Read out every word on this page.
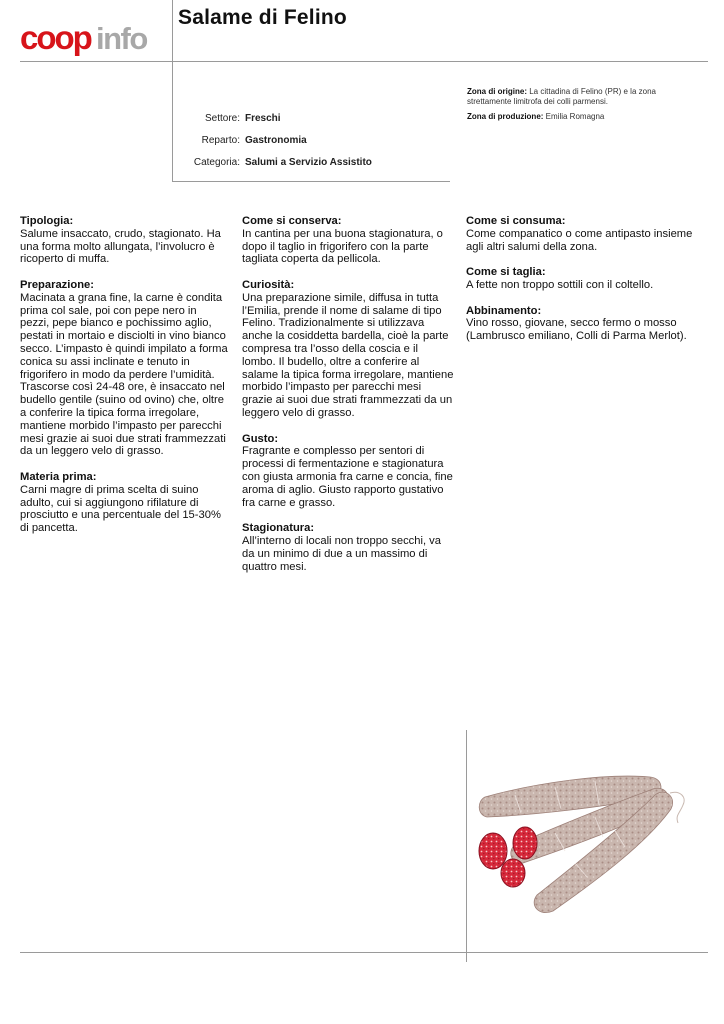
coop info
Salame di Felino
Settore: Freschi
Reparto: Gastronomia
Categoria: Salumi a Servizio Assistito
Zona di origine: La cittadina di Felino (PR) e la zona strettamente limitrofa dei colli parmensi.
Zona di produzione: Emilia Romagna
Tipologia:

Salume insaccato, crudo, stagionato. Ha una forma molto allungata, l’involucro è ricoperto di muffa.

Preparazione:

Macinata a grana fine, la carne è condita prima col sale, poi con pepe nero in pezzi, pepe bianco e pochissimo aglio, pestati in mortaio e disciolti in vino bianco secco. L’impasto è quindi impilato a forma conica su assi inclinate e tenuto in frigorifero in modo da perdere l’umidità. Trascorse così 24-48 ore, è insaccato nel budello gentile (suino od ovino) che, oltre a conferire la tipica forma irregolare, mantiene morbido l’impasto per parecchi mesi grazie ai suoi due strati frammezzati da un leggero velo di grasso.

Materia prima:

Carni magre di prima scelta di suino adulto, cui si aggiungono rifilature di prosciutto e una percentuale del 15-30% di pancetta.

Come si conserva:

In cantina per una buona stagionatura, o dopo il taglio in frigorifero con la parte tagliata coperta da pellicola.

Curiosità:

Una preparazione simile, diffusa in tutta l’Emilia, prende il nome di salame di tipo Felino. Tradizionalmente si utilizzava anche la cosiddetta bardella, cioè la parte compresa tra l’osso della coscia e il lombo. Il budello, oltre a conferire al salame la tipica forma irregolare, mantiene morbido l’impasto per parecchi mesi grazie ai suoi due strati frammezzati da un leggero velo di grasso.

Gusto:

Fragrante e complesso per sentori di processi di fermentazione e stagionatura con giusta armonia fra carne e concia, fine aroma di aglio. Giusto rapporto gustativo fra carne e grasso.

Stagionatura:

All’interno di locali non troppo secchi, va da un minimo di due a un massimo di quattro mesi.

Come si consuma:

Come companatico o come antipasto insieme agli altri salumi della zona.

Come si taglia:

A fette non troppo sottili con il coltello.

Abbinamento:

Vino rosso, giovane, secco fermo o mosso (Lambrusco emiliano, Colli di Parma Merlot).
